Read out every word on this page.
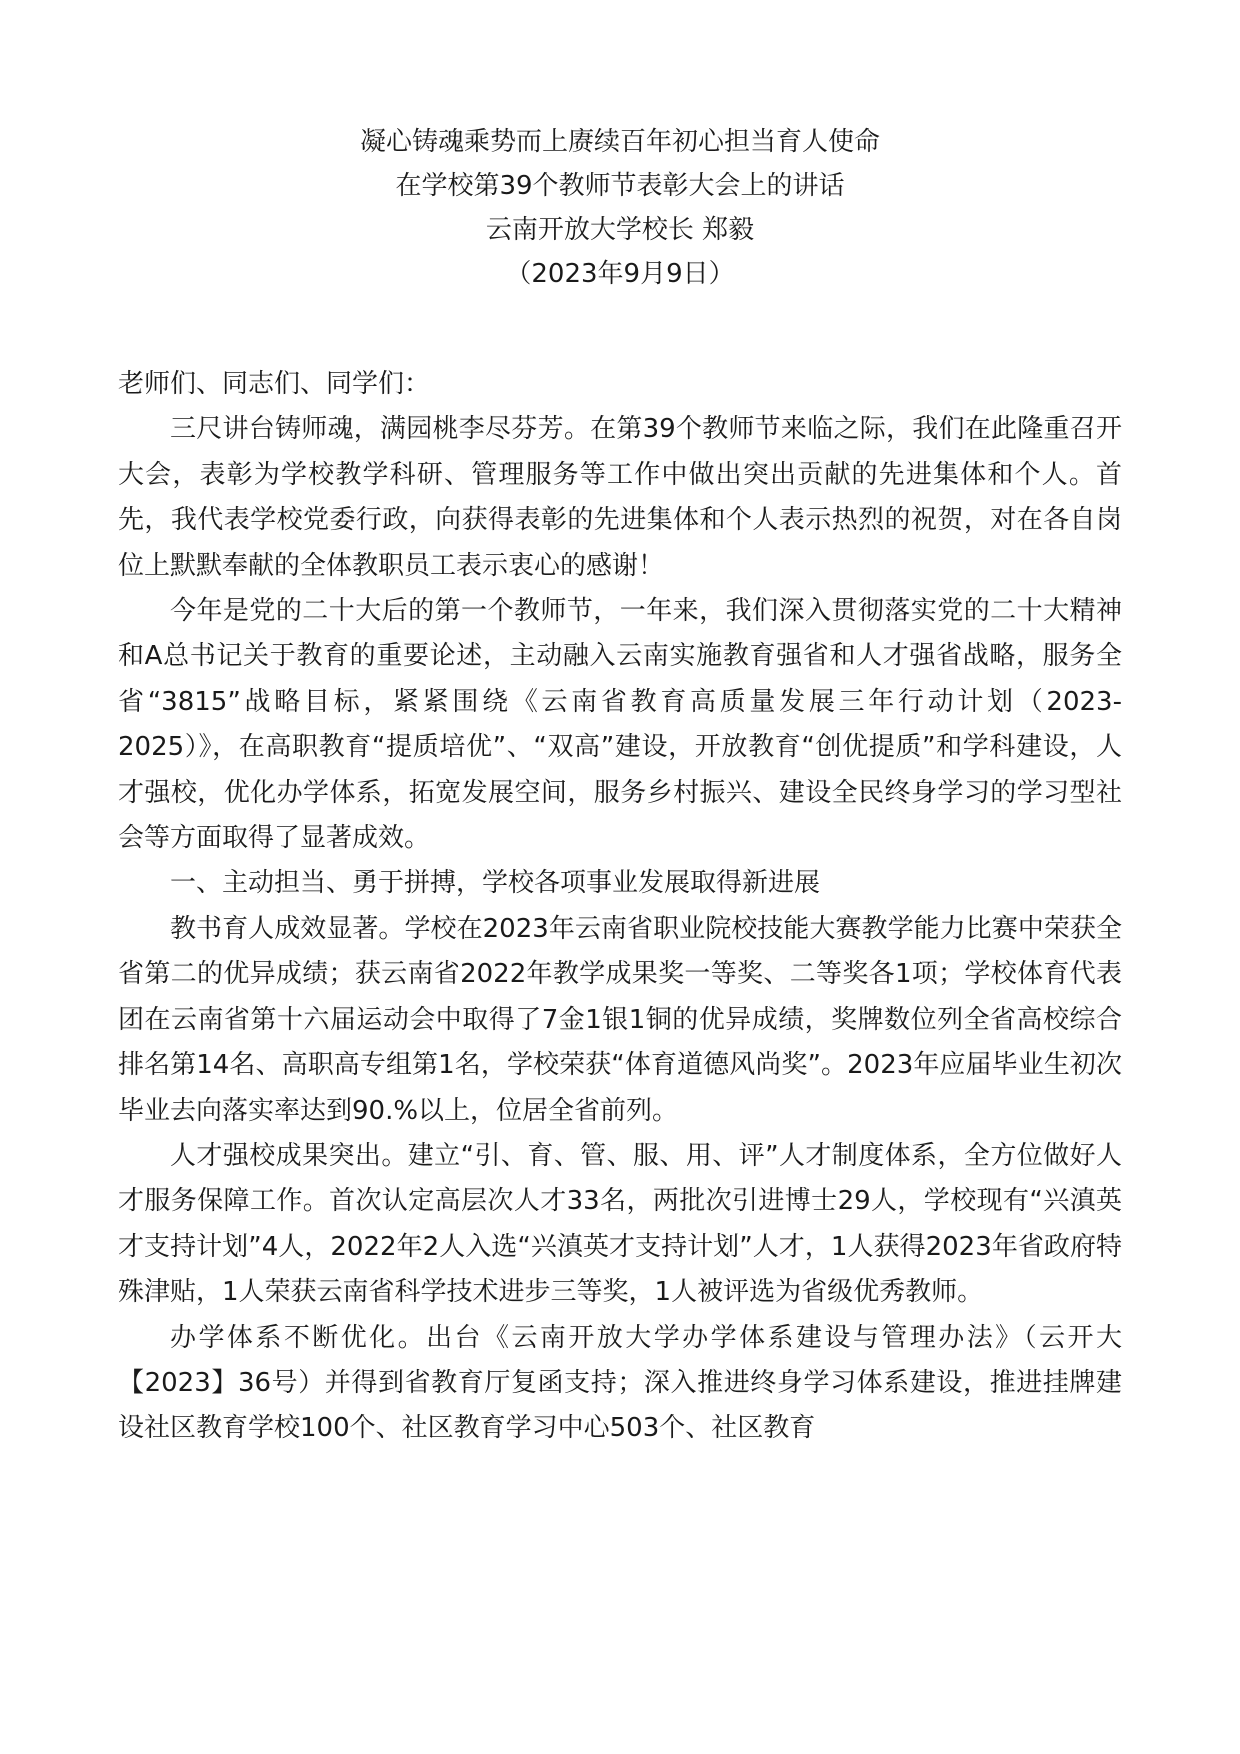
凝心铸魂乘势而上赓续百年初心担当育人使命
在学校第39个教师节表彰大会上的讲话
云南开放大学校长 郑毅
（2023年9月9日）

老师们、同志们、同学们：

三尺讲台铸师魂，满园桃李尽芬芳。在第39个教师节来临之际，我们在此隆重召开大会，表彰为学校教学科研、管理服务等工作中做出突出贡献的先进集体和个人。首先，我代表学校党委行政，向获得表彰的先进集体和个人表示热烈的祝贺，对在各自岗位上默默奉献的全体教职员工表示衷心的感谢！

今年是党的二十大后的第一个教师节，一年来，我们深入贯彻落实党的二十大精神和A总书记关于教育的重要论述，主动融入云南实施教育强省和人才强省战略，服务全省“3815”战略目标，紧紧围绕《云南省教育高质量发展三年行动计划（2023-2025）》，在高职教育“提质培优”、“双高”建设，开放教育“创优提质”和学科建设，人才强校，优化办学体系，拓宽发展空间，服务乡村振兴、建设全民终身学习的学习型社会等方面取得了显著成效。

一、主动担当、勇于拼搏，学校各项事业发展取得新进展

教书育人成效显著。学校在2023年云南省职业院校技能大赛教学能力比赛中荣获全省第二的优异成绩；获云南省2022年教学成果奖一等奖、二等奖各1项；学校体育代表团在云南省第十六届运动会中取得了7金1银1铜的优异成绩，奖牌数位列全省高校综合排名第14名、高职高专组第1名，学校荣获“体育道德风尚奖”。2023年应届毕业生初次毕业去向落实率达到90.%以上，位居全省前列。

人才强校成果突出。建立“引、育、管、服、用、评”人才制度体系，全方位做好人才服务保障工作。首次认定高层次人才33名，两批次引进博士29人，学校现有“兴滇英才支持计划”4人，2022年2人入选“兴滇英才支持计划”人才，1人获得2023年省政府特殊津贴，1人荣获云南省科学技术进步三等奖，1人被评选为省级优秀教师。

办学体系不断优化。出台《云南开放大学办学体系建设与管理办法》（云开大【2023】36号）并得到省教育厅复函支持；深入推进终身学习体系建设，推进挂牌建设社区教育学校100个、社区教育学习中心503个、社区教育
